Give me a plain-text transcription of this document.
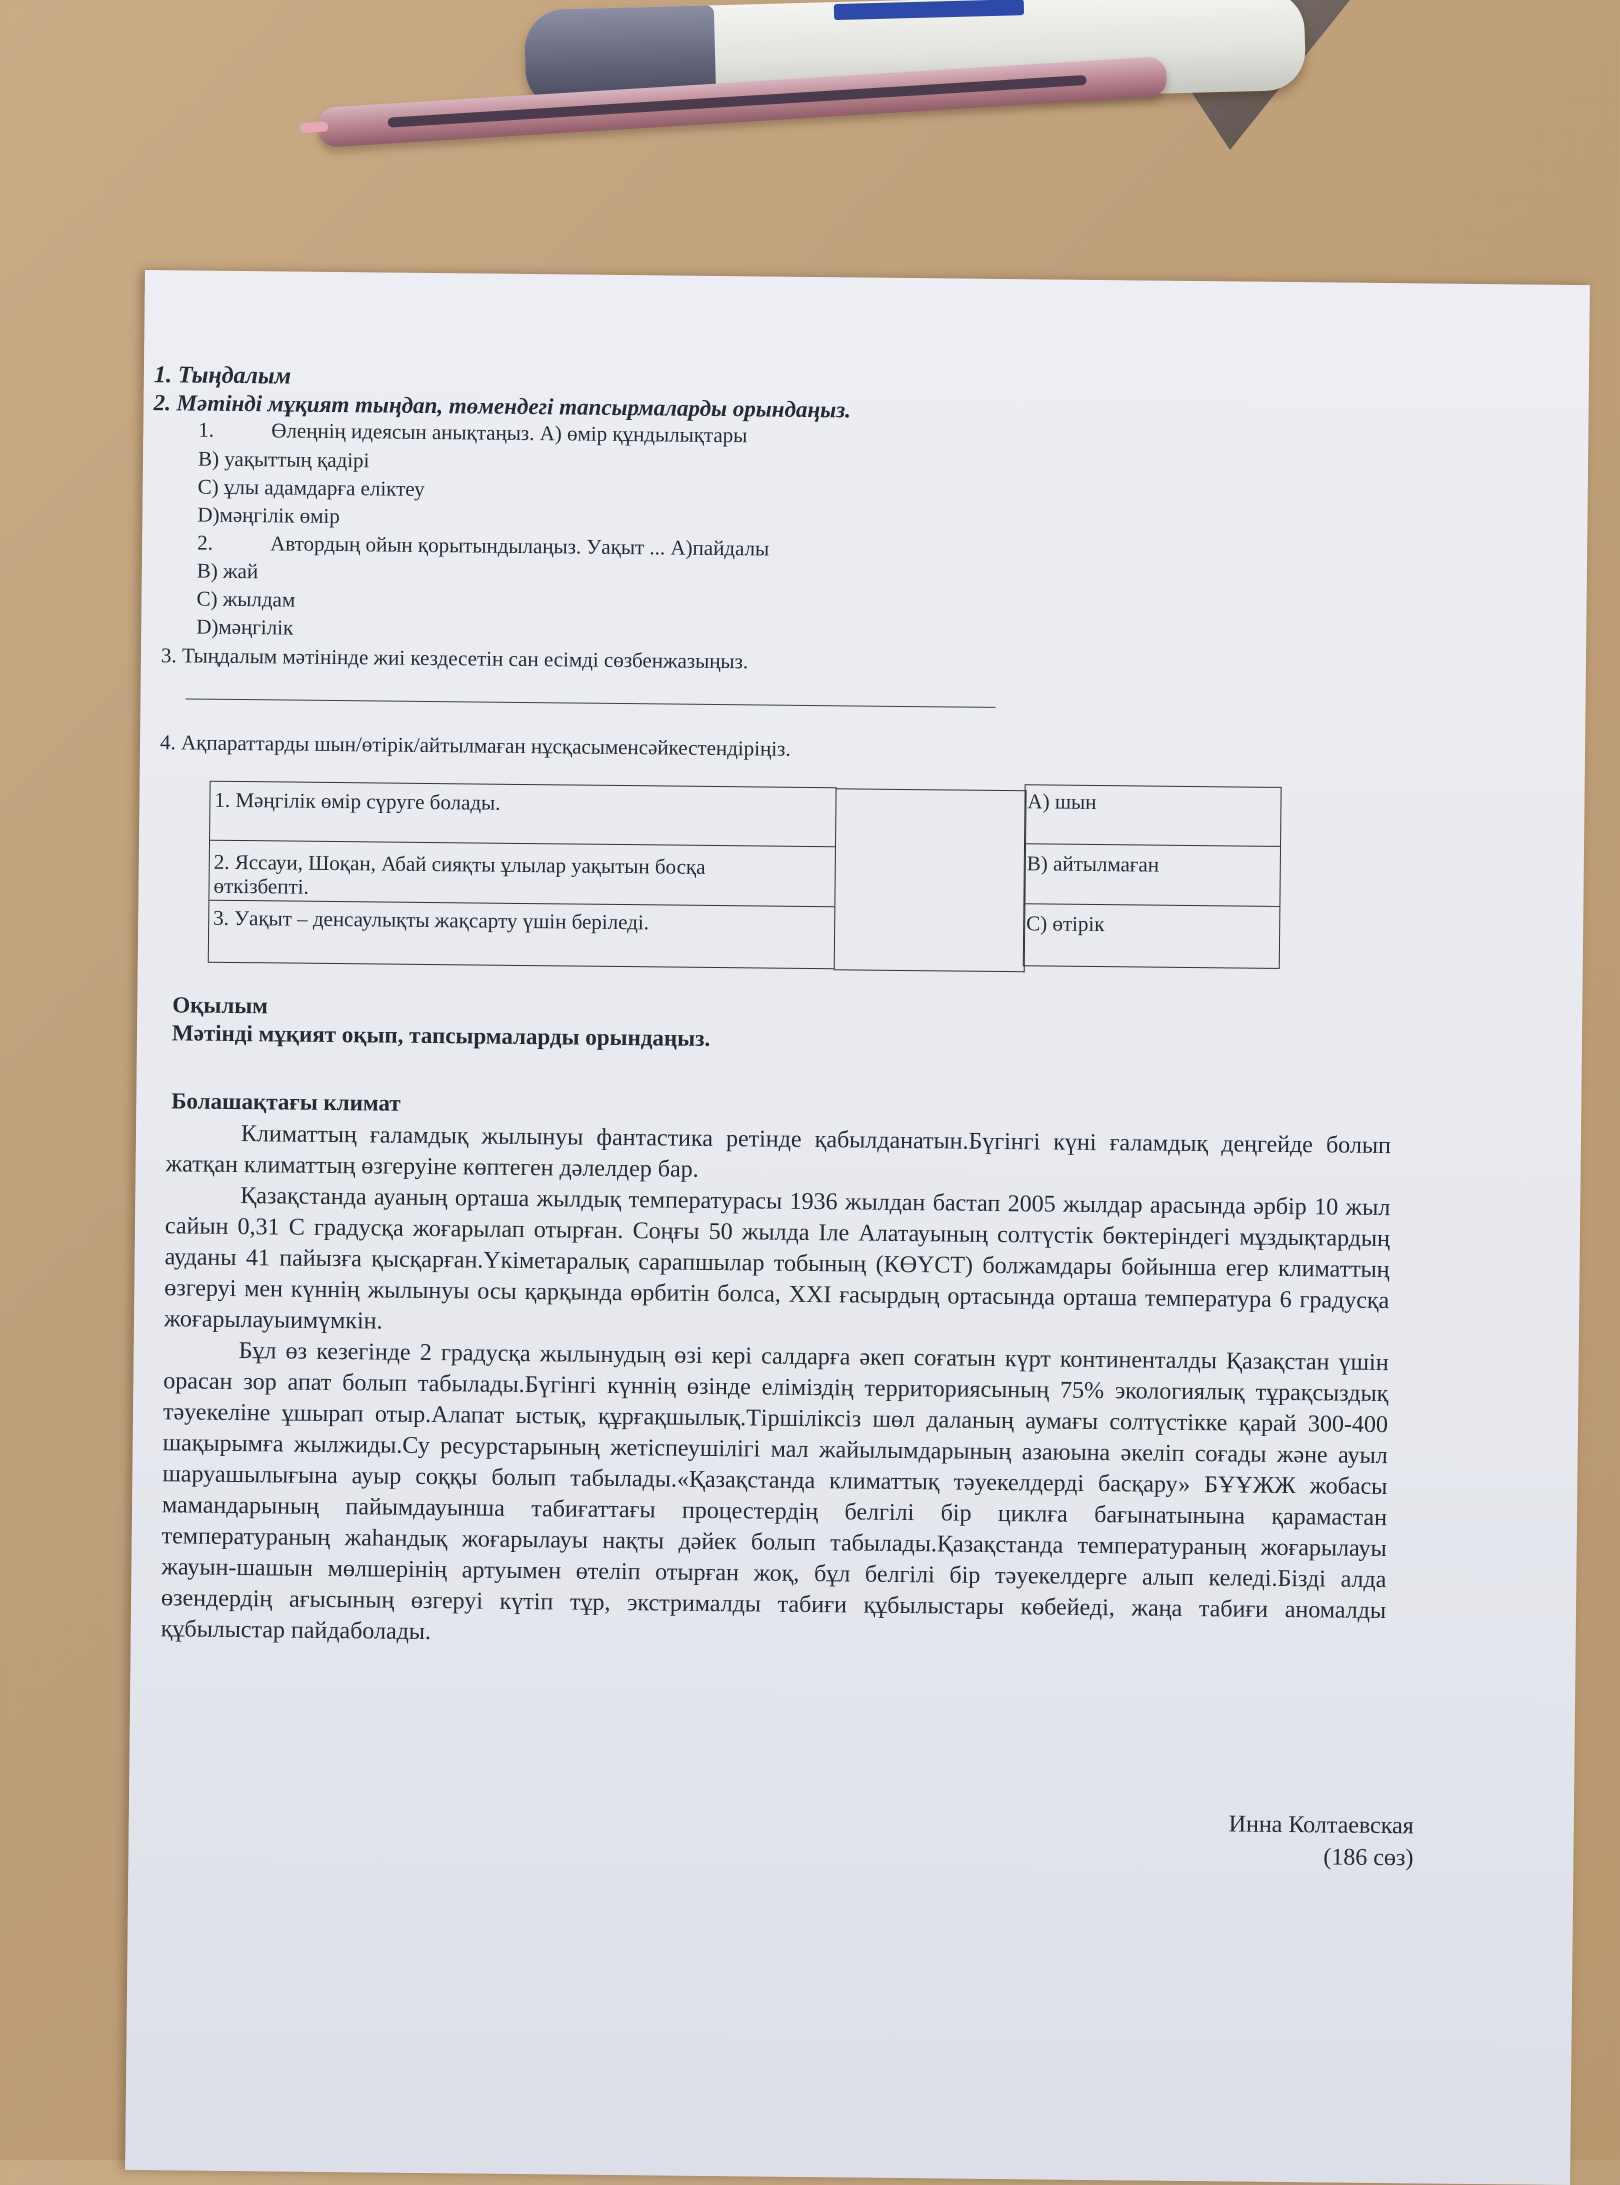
1. Тыңдалым
2. Мәтінді мұқият тыңдап, төмендегі тапсырмаларды орындаңыз.
1.	Өлеңнің идеясын анықтаңыз. А) өмір құндылықтары
В) уақыттың қадірі
С) ұлы адамдарға еліктеу
D)мәңгілік өмір
2.	Автордың ойын қорытындылаңыз. Уақыт ... А)пайдалы
В) жай
С) жылдам
D)мәңгілік
3. Тыңдалым мәтінінде жиі кездесетін сан есімді сөзбенжазыңыз.
4. Ақпараттарды шын/өтірік/айтылмаған нұсқасыменсәйкестендіріңіз.
1. Мәңгілік өмір сүруге болады.
2. Яссауи, Шоқан, Абай сияқты ұлылар уақытын босқа өткізбепті.
3. Уақыт – денсаулықты жақсарту үшін беріледі.
А) шын
В) айтылмаған
С) өтірік
Оқылым
Мәтінді мұқият оқып, тапсырмаларды орындаңыз.
Болашақтағы климат

Климаттың ғаламдық жылынуы фантастика ретінде қабылданатын.Бүгінгі күні ғаламдық деңгейде болып жатқан климаттың өзгеруіне көптеген дәлелдер бар.

Қазақстанда ауаның орташа жылдық температурасы 1936 жылдан бастап 2005 жылдар арасында әрбір 10 жыл сайын 0,31 С градусқа жоғарылап отырған. Соңғы 50 жылда Іле Алатауының солтүстік бөктеріндегі мұздықтардың ауданы 41 пайызға қысқарған.Үкіметаралық сарапшылар тобының (КӨҮСТ) болжамдары бойынша егер климаттың өзгеруі мен күннің жылынуы осы қарқында өрбитін болса, ХХІ ғасырдың ортасында орташа температура 6 градусқа жоғарылауыимүмкін.

Бұл өз кезегінде 2 градусқа жылынудың өзі кері салдарға әкеп соғатын күрт континенталды Қазақстан үшін орасан зор апат болып табылады.Бүгінгі күннің өзінде еліміздің территориясының 75% экологиялық тұрақсыздық тәуекеліне ұшырап отыр.Алапат ыстық, құрғақшылық.Тіршіліксіз шөл даланың аумағы солтүстікке қарай 300-400 шақырымға жылжиды.Су ресурстарының жетіспеушілігі мал жайылымдарының азаюына әкеліп соғады және ауыл шаруашылығына ауыр соққы болып табылады.«Қазақстанда климаттық тәуекелдерді басқару» БҰҰЖЖ жобасы мамандарының пайымдауынша табиғаттағы процестердің белгілі бір циклға бағынатынына қарамастан температураның жаһандық жоғарылауы нақты дәйек болып табылады.Қазақстанда температураның жоғарылауы жауын-шашын мөлшерінің артуымен өтеліп отырған жоқ, бұл белгілі бір тәуекелдерге алып келеді.Бізді алда өзендердің ағысының өзгеруі күтіп тұр, экстрималды табиғи құбылыстары көбейеді, жаңа табиғи аномалды құбылыстар пайдаболады.

Инна Колтаевская
(186 сөз)
